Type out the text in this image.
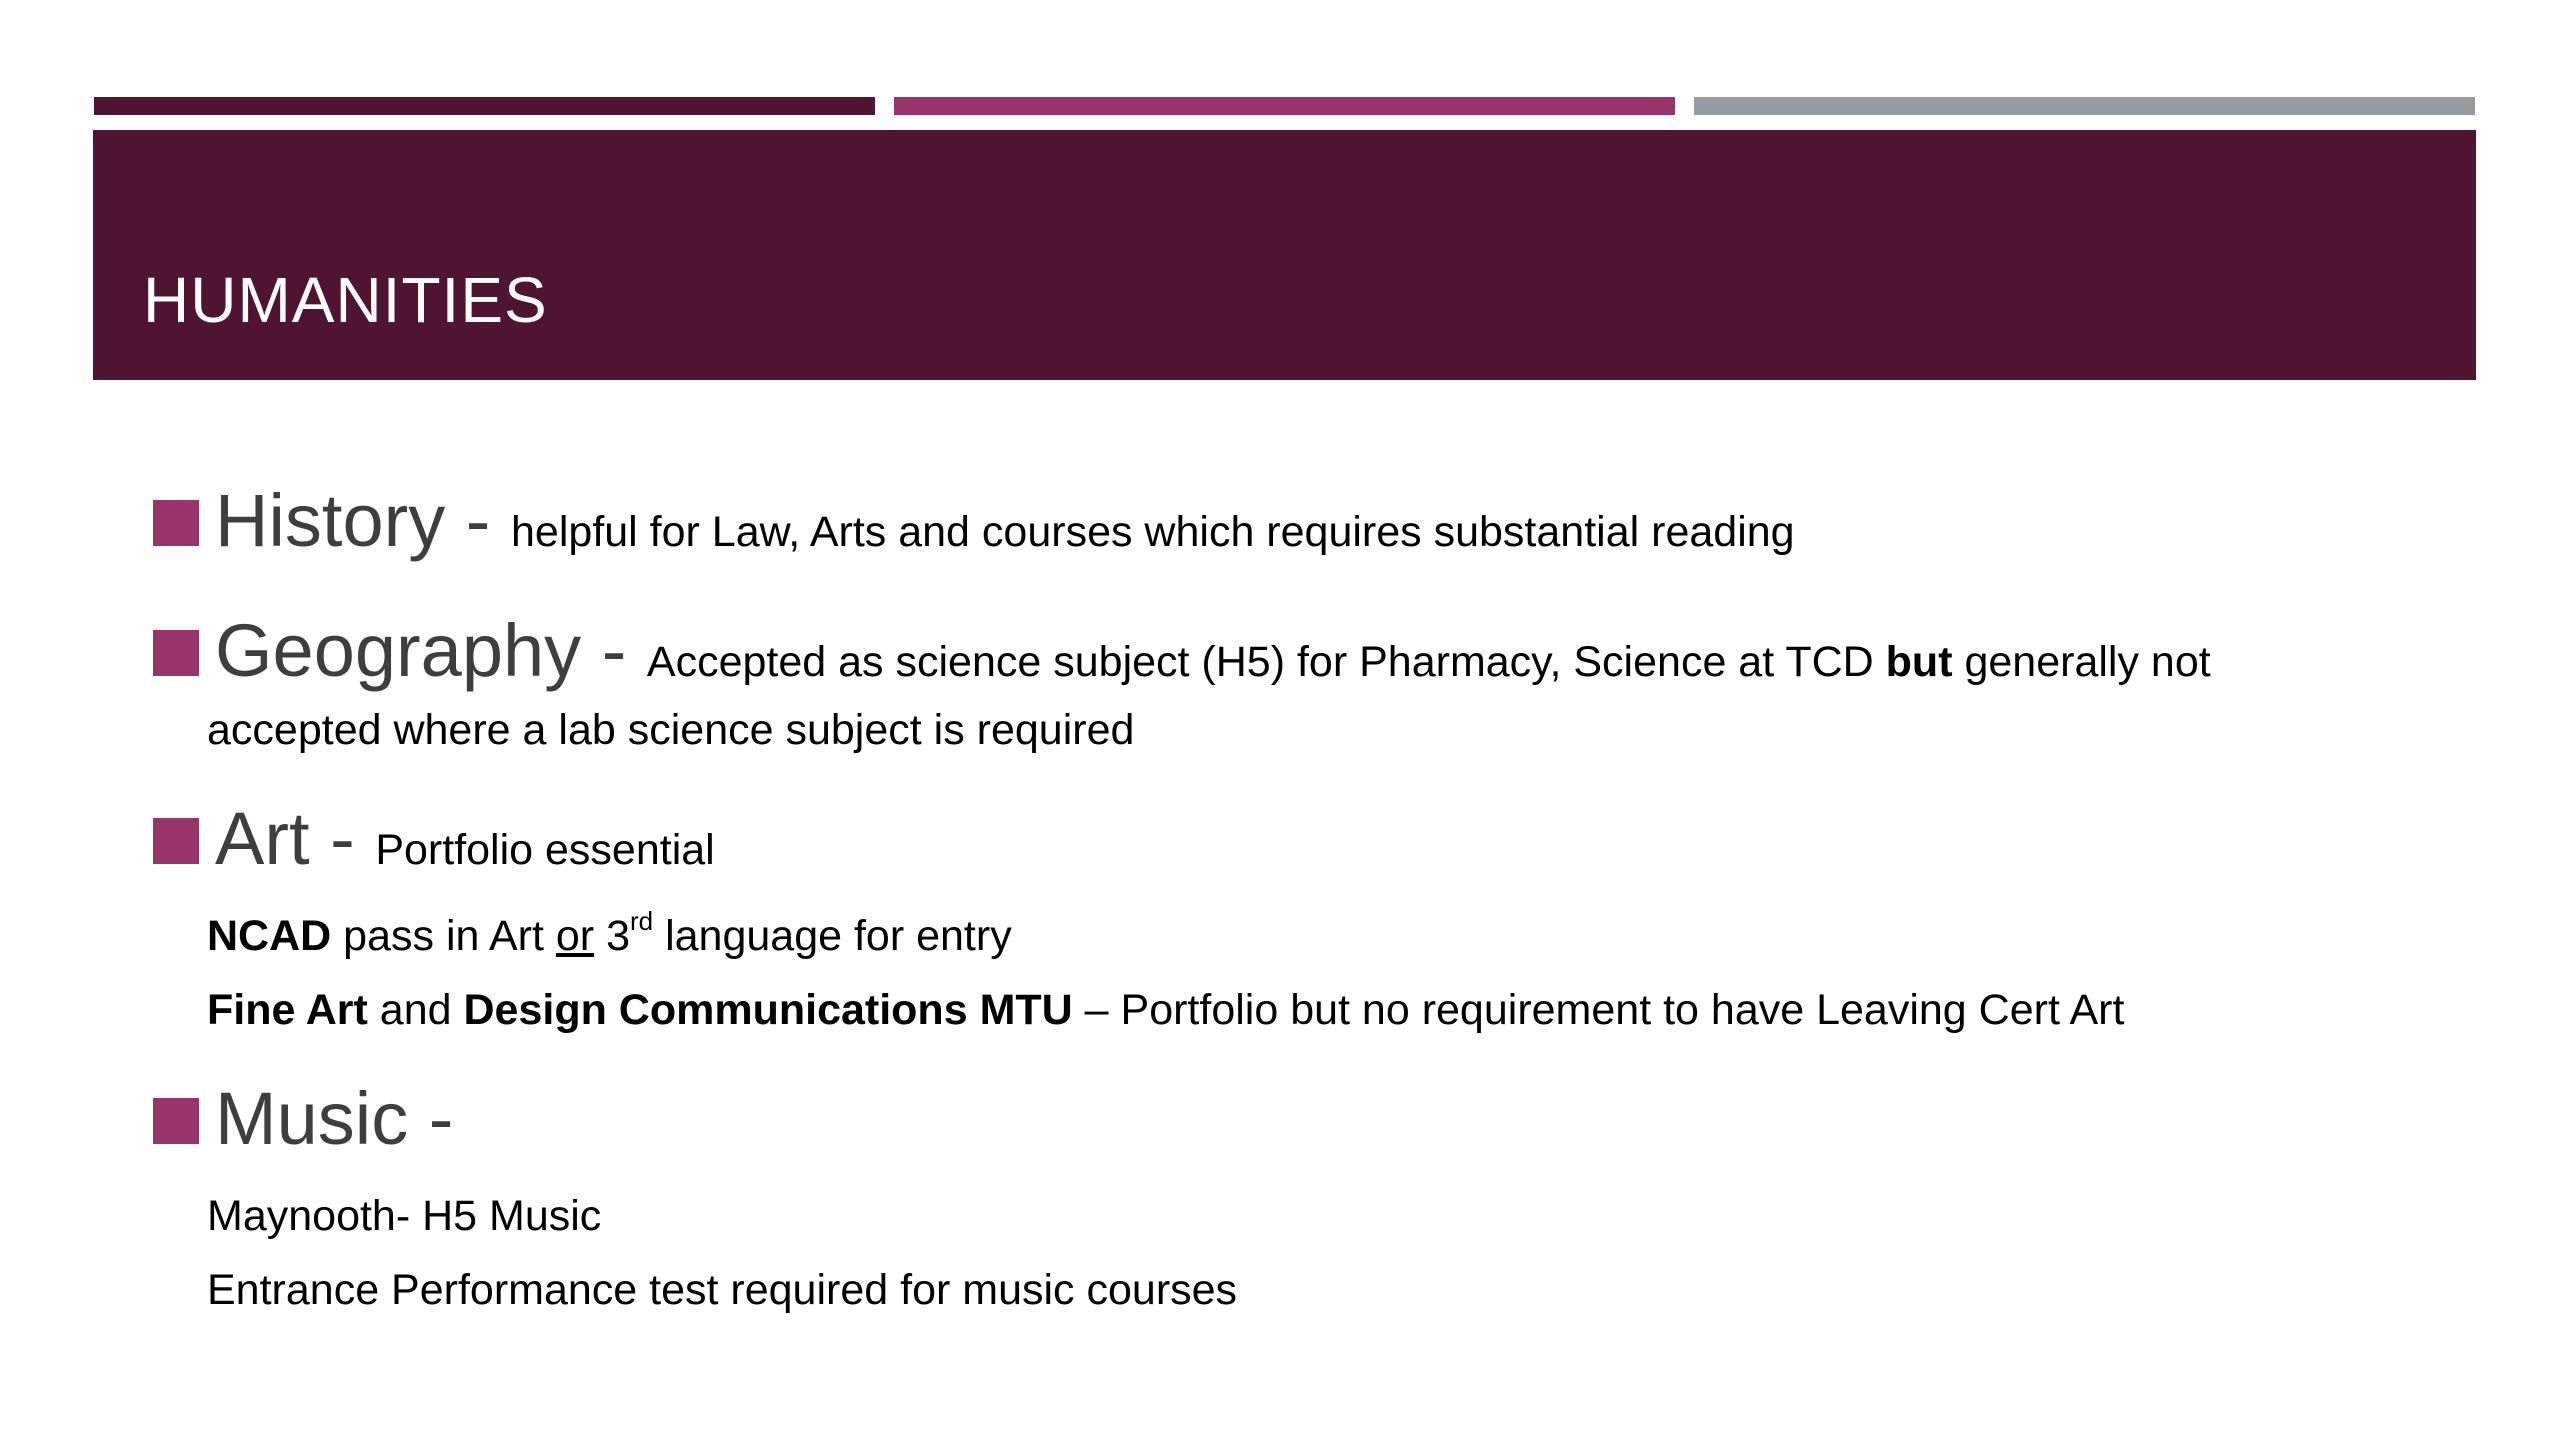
HUMANITIES
History - helpful for Law, Arts and courses which requires substantial reading
Geography - Accepted as science subject (H5) for Pharmacy, Science at TCD but generally not
accepted where a lab science subject is required
Art - Portfolio essential
NCAD pass in Art or 3rd language for entry
Fine Art and Design Communications MTU – Portfolio but no requirement to have Leaving Cert Art
Music -
Maynooth- H5 Music
Entrance Performance test required for music courses
